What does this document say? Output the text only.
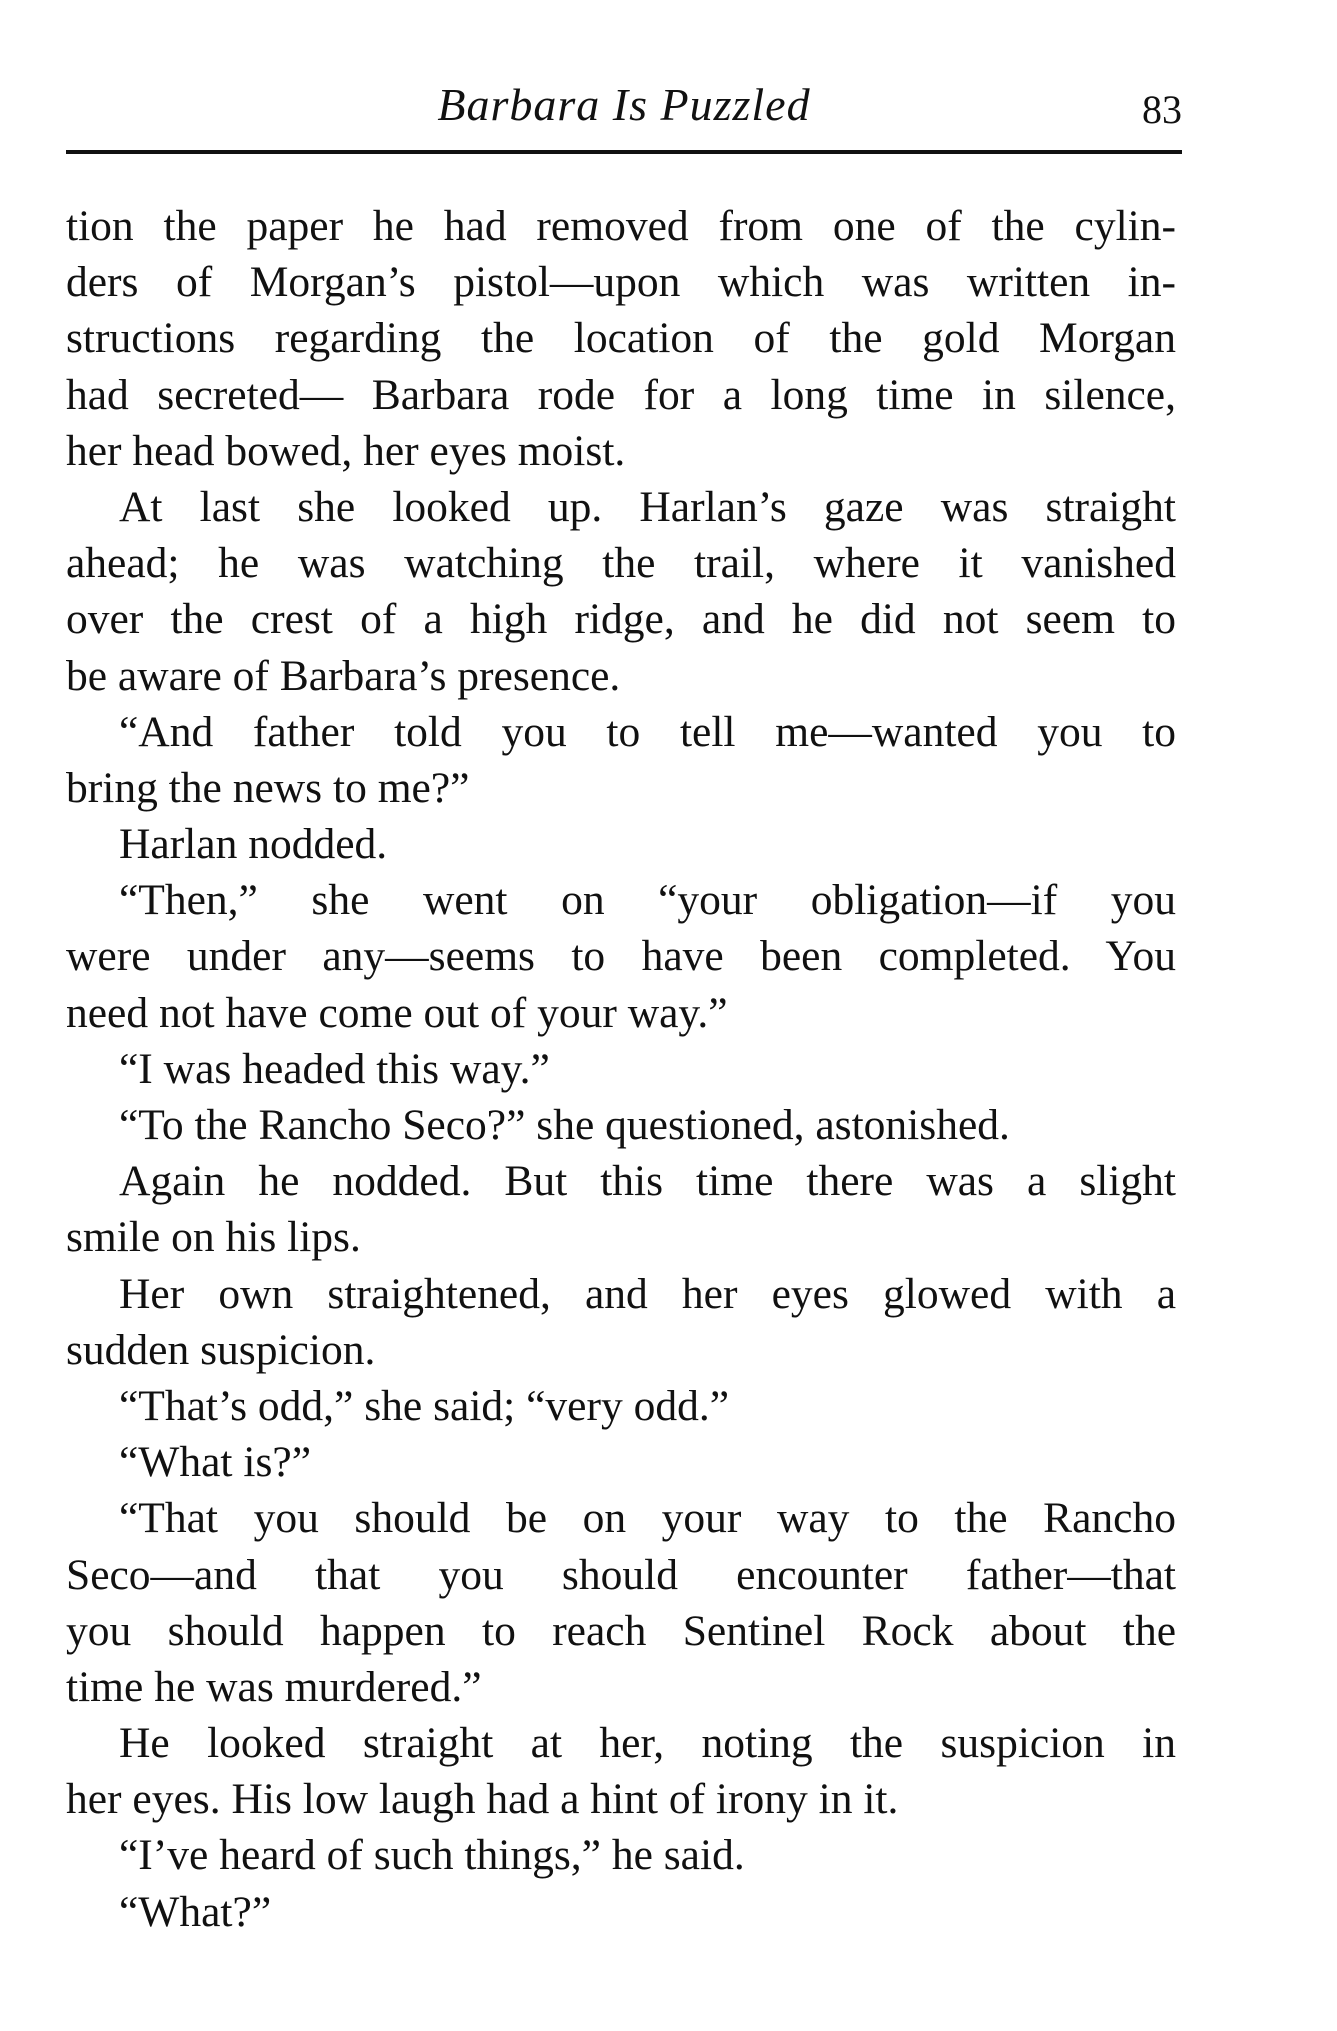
Barbara Is Puzzled	83
tion the paper he had removed from one of the cylin-
ders of Morgan’s pistol—upon which was written in-
structions regarding the location of the gold Morgan
had secreted— Barbara rode for a long time in silence,
her head bowed, her eyes moist.
At last she looked up. Harlan’s gaze was straight
ahead; he was watching the trail, where it vanished
over the crest of a high ridge, and he did not seem to
be aware of Barbara’s presence.
“And father told you to tell me—wanted you to
bring the news to me?”
Harlan nodded.
“Then,” she went on “your obligation—if you
were under any—seems to have been completed. You
need not have come out of your way.”
“I was headed this way.”
“To the Rancho Seco?” she questioned, astonished.
Again he nodded. But this time there was a slight
smile on his lips.
Her own straightened, and her eyes glowed with a
sudden suspicion.
“That’s odd,” she said; “very odd.”
“What is?”
“That you should be on your way to the Rancho
Seco—and that you should encounter father—that
you should happen to reach Sentinel Rock about the
time he was murdered.”
He looked straight at her, noting the suspicion in
her eyes. His low laugh had a hint of irony in it.
“I’ve heard of such things,” he said.
“What?”
